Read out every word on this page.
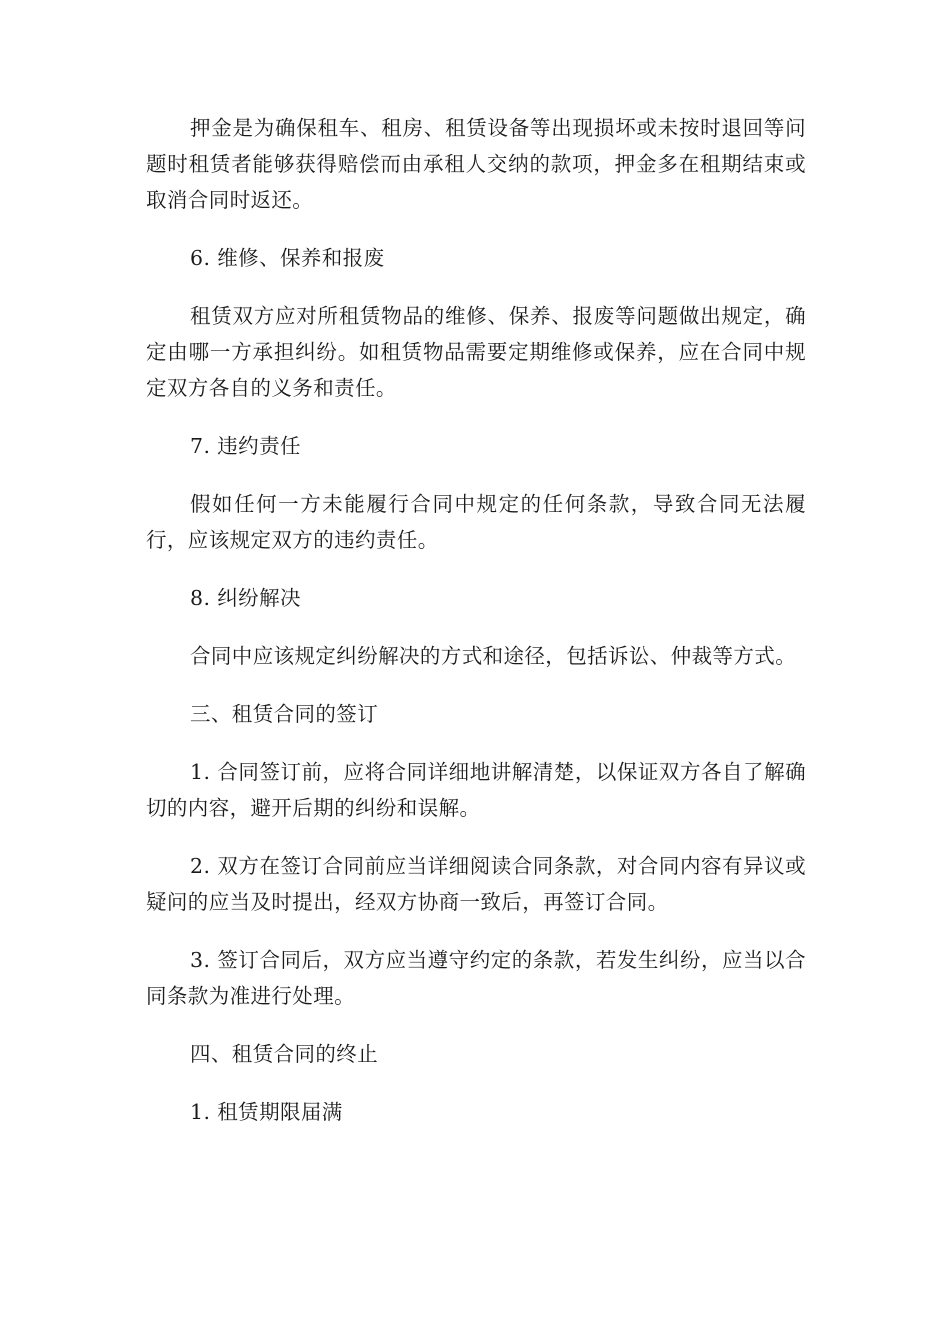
押金是为确保租车、租房、租赁设备等出现损坏或未按时退回等问题时租赁者能够获得赔偿而由承租人交纳的款项，押金多在租期结束或取消合同时返还。

6. 维修、保养和报废

租赁双方应对所租赁物品的维修、保养、报废等问题做出规定，确定由哪一方承担纠纷。如租赁物品需要定期维修或保养，应在合同中规定双方各自的义务和责任。

7. 违约责任

假如任何一方未能履行合同中规定的任何条款，导致合同无法履行，应该规定双方的违约责任。

8. 纠纷解决

合同中应该规定纠纷解决的方式和途径，包括诉讼、仲裁等方式。

三、租赁合同的签订

1. 合同签订前，应将合同详细地讲解清楚，以保证双方各自了解确切的内容，避开后期的纠纷和误解。

2. 双方在签订合同前应当详细阅读合同条款，对合同内容有异议或疑问的应当及时提出，经双方协商一致后，再签订合同。

3. 签订合同后，双方应当遵守约定的条款，若发生纠纷，应当以合同条款为准进行处理。

四、租赁合同的终止

1. 租赁期限届满
